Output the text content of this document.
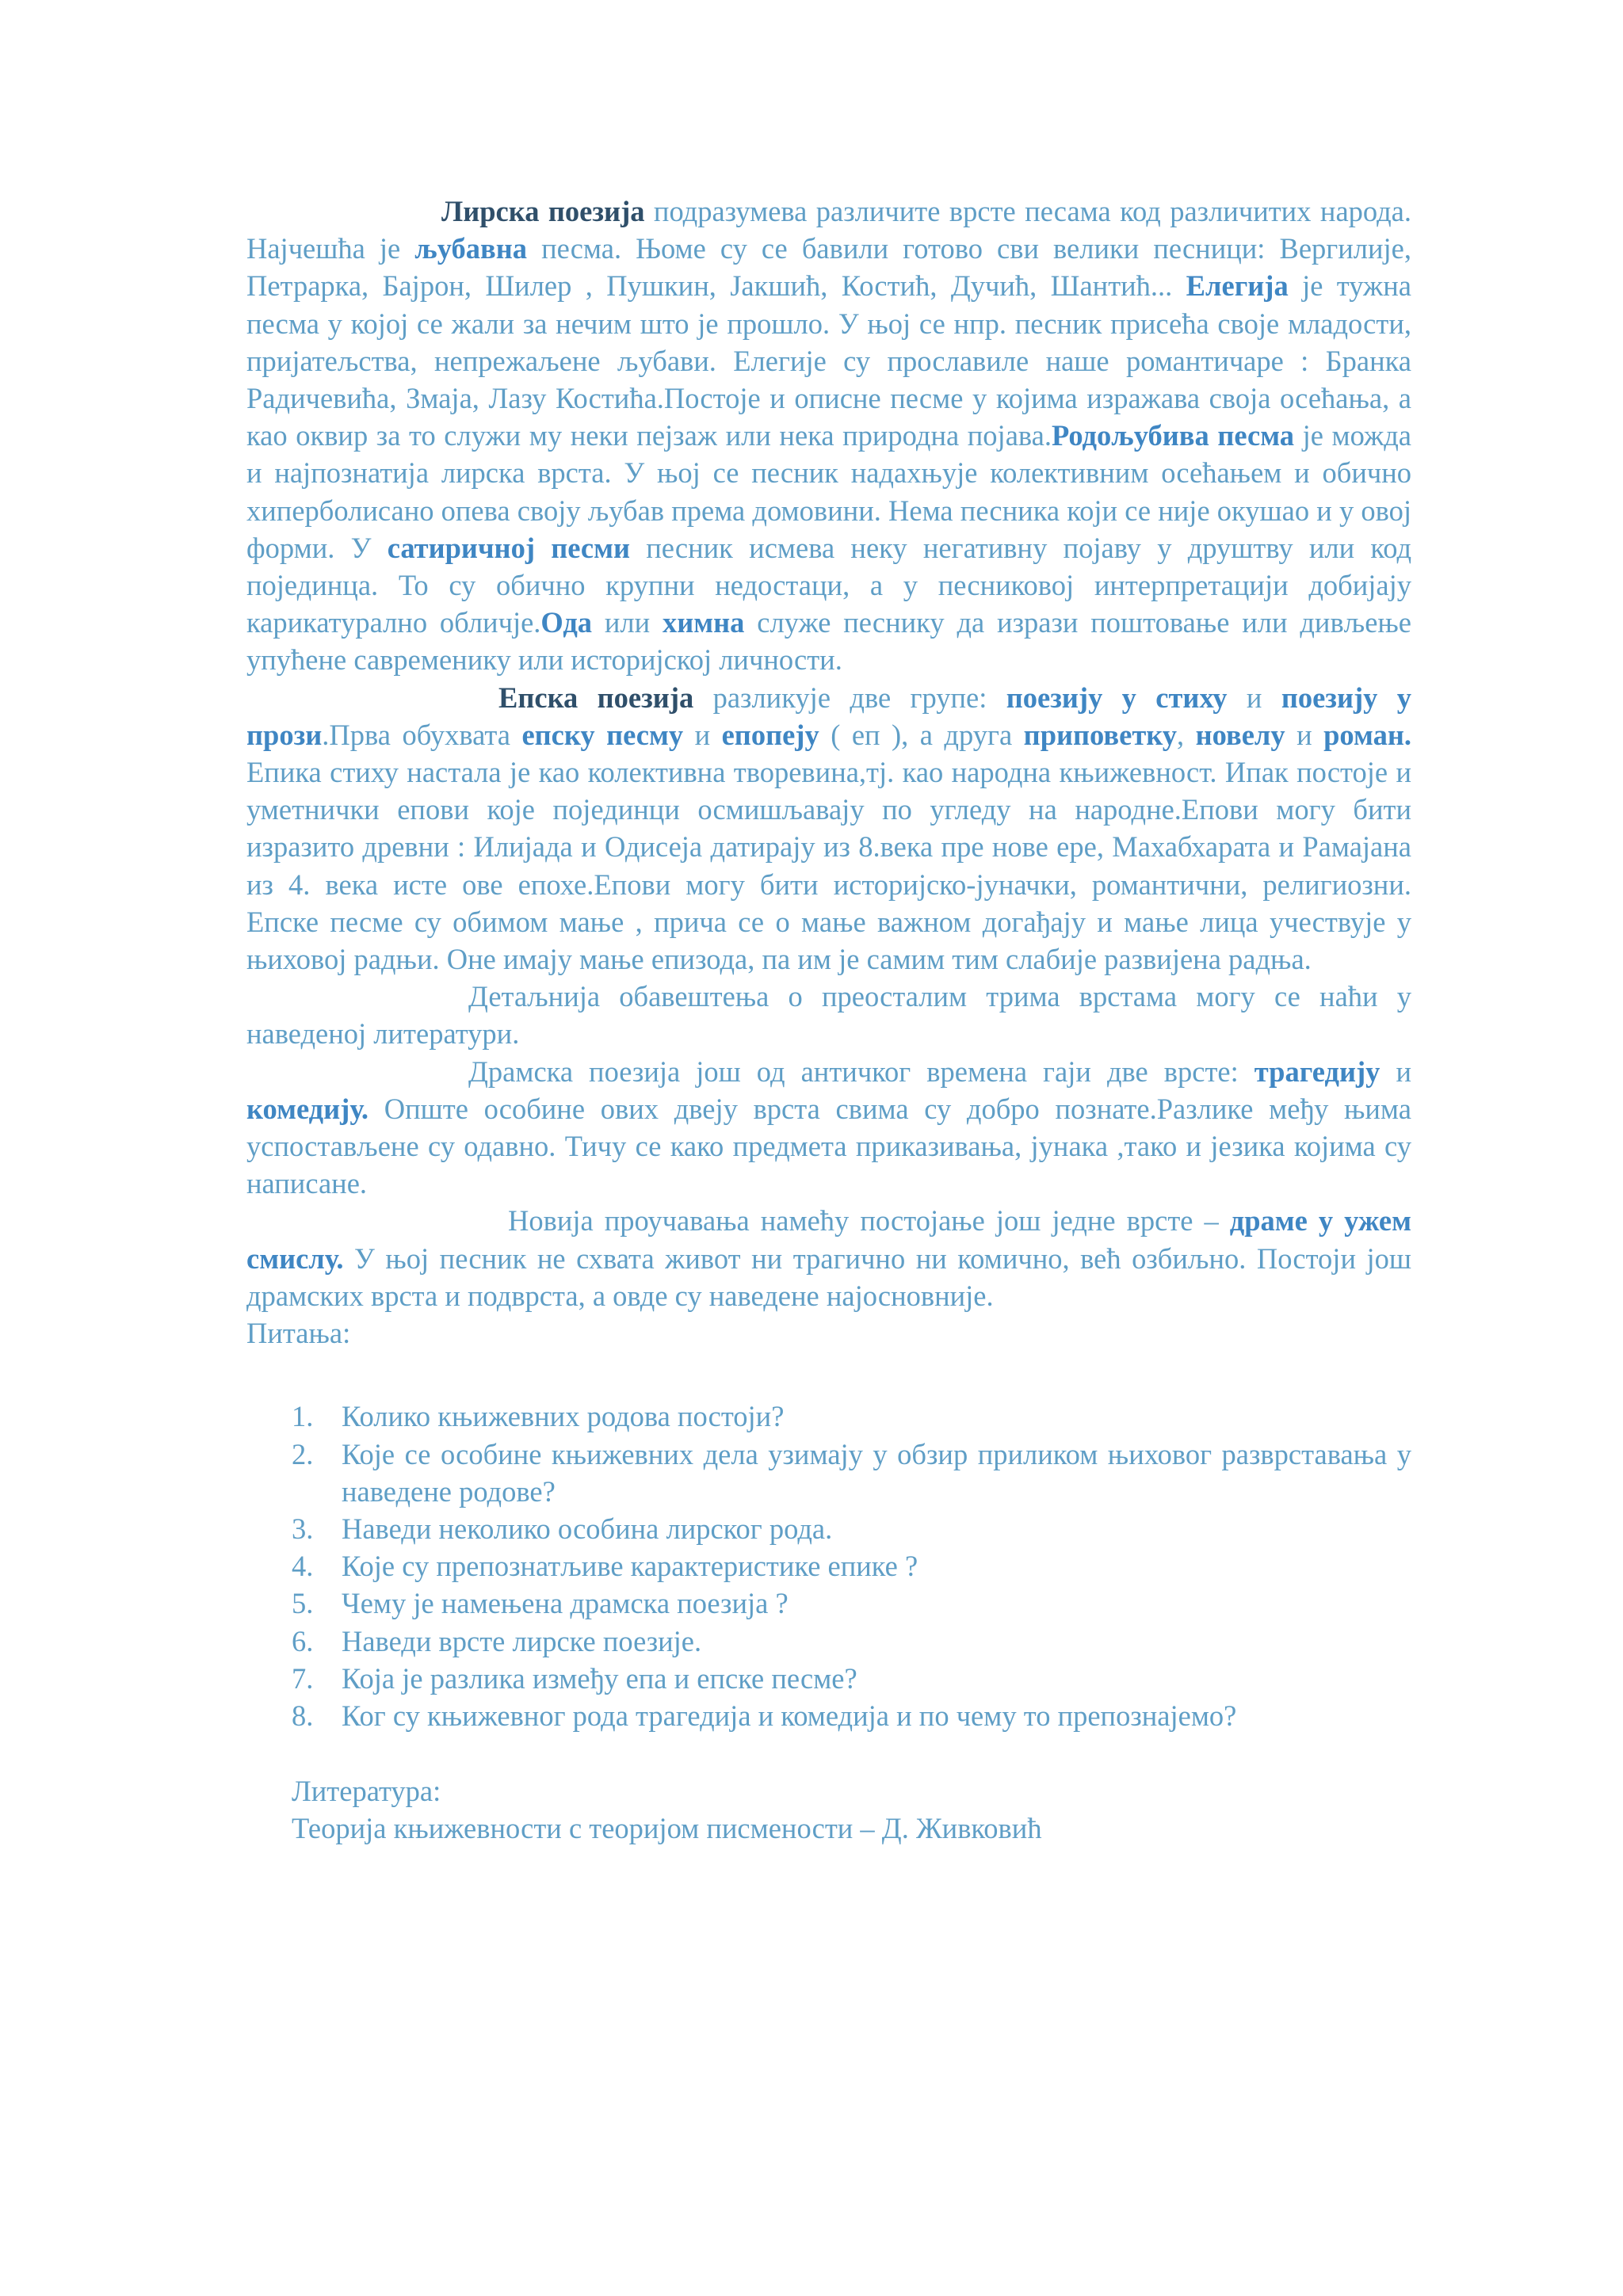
Лирска поезија подразумева различите врсте песама код различитих народа. Најчешћа је љубавна песма. Њоме су се бавили готово сви велики песници: Вергилије, Петрарка, Бајрон, Шилер , Пушкин, Јакшић, Костић, Дучић, Шантић... Елегија је тужна песма у којој се жали за нечим што је прошло. У њој се нпр. песник присећа своје младости, пријатељства, непрежаљене љубави. Елегије су прославиле наше романтичаре : Бранка Радичевића, Змаја, Лазу Костића.Постоје и описне песме у којима изражава своја осећања, а као оквир за то служи му неки пејзаж или нека природна појава.Родољубива песма је можда и најпознатија лирска врста. У њој се песник надахњује колективним осећањем и обично хиперболисано опева своју љубав према домовини. Нема песника који се није окушао и у овој форми. У сатиричној песми песник исмева неку негативну појаву у друштву или код појединца. То су обично крупни недостаци, а у песниковој интерпретацији добијају карикатурално обличје.Ода или химна служе песнику да изрази поштовање или дивљење упућене савременику или историјској личности.

Епска поезија разликује две групе: поезију у стиху и поезију у прози.Прва обухвата епску песму и епопеју ( еп ), а друга приповетку, новелу и роман. Епика стиху настала је као колективна творевина,тј. као народна књижевност. Ипак постоје и уметнички епови које појединци осмишљавају по угледу на народне.Епови могу бити изразито древни : Илијада и Одисеја датирају из 8.века пре нове ере, Махабхарата и Рамајана из 4. века исте ове епохе.Епови могу бити историјско-јуначки, романтични, религиозни. Епске песме су обимом мање , прича се о мање важном догађају и мање лица учествује у њиховој радњи. Оне имају мање епизода, па им је самим тим слабије развијена радња.

Детаљнија обавештења о преосталим трима врстама могу се наћи у наведеној литератури.

Драмска поезија још од античког времена гаји две врсте: трагедију и комедију. Опште особине ових двеју врста свима су добро познате.Разлике међу њима успостављене су одавно. Тичу се како предмета приказивања, јунака ,тако и језика којима су написане.

Новија проучавања намећу постојање још једне врсте – драме у ужем смислу. У њој песник не схвата живот ни трагично ни комично, већ озбиљно. Постоји још драмских врста и подврста, а овде су наведене најосновније.

Питања:

Колико књижевних родова постоји?
Које се особине књижевних дела узимају у обзир приликом њиховог разврставања у наведене родове?
Наведи неколико особина лирског рода.
Које су препознатљиве карактеристике епике ?
Чему је намењена драмска поезија ?
Наведи врсте лирске поезије.
Која је разлика између епа и епске песме?
Ког су књижевног рода трагедија и комедија и по чему то препознајемо?

Литература:

Теорија књижевности с теоријом писмености – Д. Живковић
